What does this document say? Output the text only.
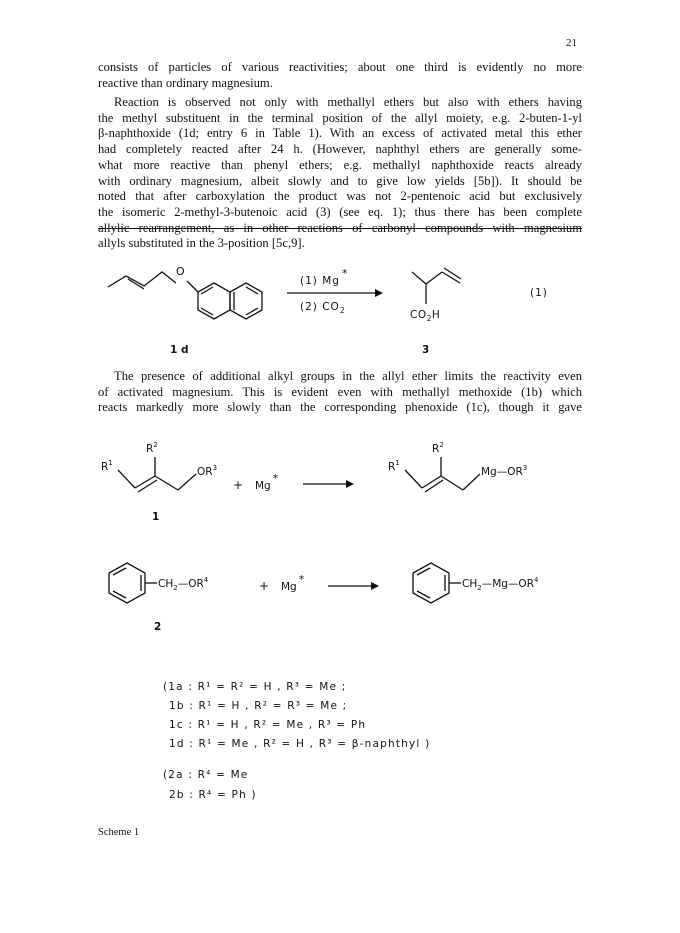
21
consists of particles of various reactivities; about one third is evidently no more
reactive than ordinary magnesium.
Reaction is observed not only with methallyl ethers but also with ethers having
the methyl substituent in the terminal position of the allyl moiety, e.g. 2-buten-1-yl
β-naphthoxide (1d; entry 6 in Table 1). With an excess of activated metal this ether
had completely reacted after 24 h. (However, naphthyl ethers are generally some-
what more reactive than phenyl ethers; e.g. methallyl naphthoxide reacts already
with ordinary magnesium, albeit slowly and to give low yields [5b]). It should be
noted that after carboxylation the product was not 2-pentenoic acid but exclusively
the isomeric 2-methyl-3-butenoic acid (3) (see eq. 1); thus there has been complete
allylic rearrangement, as in other reactions of carbonyl compounds with magnesium
allyls substituted in the 3-position [5c,9].
O
(1) Mg*
(2) $CO_2$	$CO_2H$
(1)
1 d	3
The presence of additional alkyl groups in the allyl ether limits the reactivity even
of activated magnesium. This is evident even with methallyl methoxide (1b) which
reacts markedly more slowly than the corresponding phenoxide (1c), though it gave
$R^2$
$R^1$
$OR^3$
+ Mg*
1
$R^2$
$R^1$
$Mg—OR^3$
$CH_2—OR^4$	+ Mg*	$CH_2—Mg—OR^4$
2
(1a : R¹ = R² = H , R³ = Me ;
1b : R¹ = H , R² = R³ = Me ;
1c : R¹ = H , R² = Me , R³ = Ph
1d : R¹ = Me , R² = H , R³ = β-naphthyl )
(2a : R⁴ = Me
2b : R⁴ = Ph )
Scheme 1
